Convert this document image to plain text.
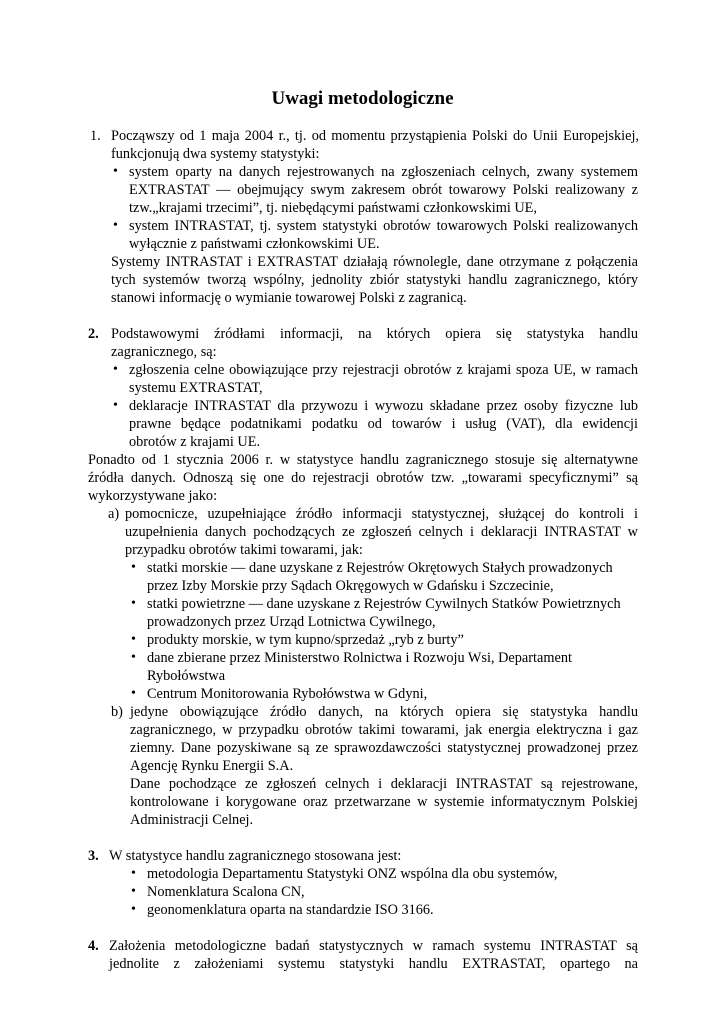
Uwagi metodologiczne
1. Począwszy od 1 maja 2004 r., tj. od momentu przystąpienia Polski do Unii Europejskiej,
funkcjonują dwa systemy statystyki:
• system oparty na danych rejestrowanych na zgłoszeniach celnych, zwany systemem
EXTRASTAT — obejmujący swym zakresem obrót towarowy Polski realizowany z
tzw.„krajami trzecimi”, tj. niebędącymi państwami członkowskimi UE,
• system INTRASTAT, tj. system statystyki obrotów towarowych Polski realizowanych
wyłącznie z państwami członkowskimi UE.
Systemy INTRASTAT i EXTRASTAT działają równolegle, dane otrzymane z połączenia
tych systemów tworzą wspólny, jednolity zbiór statystyki handlu zagranicznego, który
stanowi informację o wymianie towarowej Polski z zagranicą.
2. Podstawowymi źródłami informacji, na których opiera się statystyka handlu
zagranicznego, są:
• zgłoszenia celne obowiązujące przy rejestracji obrotów z krajami spoza UE, w ramach
systemu EXTRASTAT,
• deklaracje INTRASTAT dla przywozu i wywozu składane przez osoby fizyczne lub
prawne będące podatnikami podatku od towarów i usług (VAT), dla ewidencji
obrotów z krajami UE.
Ponadto od 1 stycznia 2006 r. w statystyce handlu zagranicznego stosuje się alternatywne
źródła danych. Odnoszą się one do rejestracji obrotów tzw. „towarami specyficznymi” są
wykorzystywane jako:
a) pomocnicze, uzupełniające źródło informacji statystycznej, służącej do kontroli i
uzupełnienia danych pochodzących ze zgłoszeń celnych i deklaracji INTRASTAT w
przypadku obrotów takimi towarami, jak:
• statki morskie — dane uzyskane z Rejestrów Okrętowych Stałych prowadzonych
przez Izby Morskie przy Sądach Okręgowych w Gdańsku i Szczecinie,
• statki powietrzne — dane uzyskane z Rejestrów Cywilnych Statków Powietrznych
prowadzonych przez Urząd Lotnictwa Cywilnego,
• produkty morskie, w tym kupno/sprzedaż „ryb z burty”
• dane zbierane przez Ministerstwo Rolnictwa i Rozwoju Wsi, Departament
Rybołówstwa
• Centrum Monitorowania Rybołówstwa w Gdyni,
b) jedyne obowiązujące źródło danych, na których opiera się statystyka handlu
zagranicznego, w przypadku obrotów takimi towarami, jak energia elektryczna i gaz
ziemny. Dane pozyskiwane są ze sprawozdawczości statystycznej prowadzonej przez
Agencję Rynku Energii S.A.
Dane pochodzące ze zgłoszeń celnych i deklaracji INTRASTAT są rejestrowane,
kontrolowane i korygowane oraz przetwarzane w systemie informatycznym Polskiej
Administracji Celnej.
3. W statystyce handlu zagranicznego stosowana jest:
• metodologia Departamentu Statystyki ONZ wspólna dla obu systemów,
• Nomenklatura Scalona CN,
• geonomenklatura oparta na standardzie ISO 3166.
4. Założenia metodologiczne badań statystycznych w ramach systemu INTRASTAT są
jednolite z założeniami systemu statystyki handlu EXTRASTAT, opartego na
